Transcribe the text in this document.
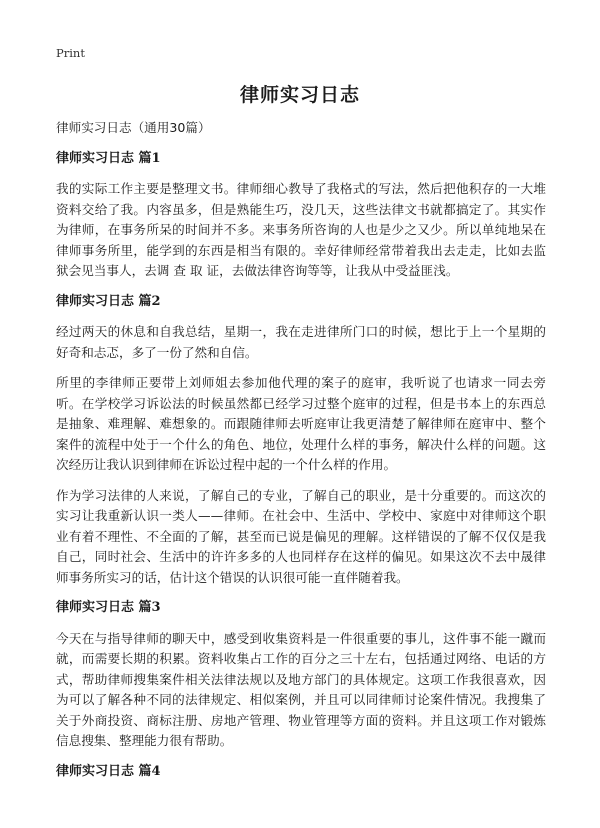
Print
律师实习日志

律师实习日志（通用30篇）

律师实习日志 篇1

我的实际工作主要是整理文书。律师细心教导了我格式的写法，然后把他积存的一大堆资料交给了我。内容虽多，但是熟能生巧，没几天，这些法律文书就都搞定了。其实作为律师，在事务所呆的时间并不多。来事务所咨询的人也是少之又少。所以单纯地呆在律师事务所里，能学到的东西是相当有限的。幸好律师经常带着我出去走走，比如去监狱会见当事人，去调 查 取 证，去做法律咨询等等，让我从中受益匪浅。

律师实习日志 篇2

经过两天的休息和自我总结，星期一，我在走进律所门口的时候，想比于上一个星期的好奇和忐忑，多了一份了然和自信。

所里的李律师正要带上刘师姐去参加他代理的案子的庭审，我听说了也请求一同去旁听。在学校学习诉讼法的时候虽然都已经学习过整个庭审的过程，但是书本上的东西总是抽象、难理解、难想象的。而跟随律师去听庭审让我更清楚了解律师在庭审中、整个案件的流程中处于一个什么的角色、地位，处理什么样的事务，解决什么样的问题。这次经历让我认识到律师在诉讼过程中起的一个什么样的作用。

作为学习法律的人来说，了解自己的专业，了解自己的职业，是十分重要的。而这次的实习让我重新认识一类人——律师。在社会中、生活中、学校中、家庭中对律师这个职业有着不理性、不全面的了解，甚至而已说是偏见的理解。这样错误的了解不仅仅是我自己，同时社会、生活中的许许多多的人也同样存在这样的偏见。如果这次不去中晟律师事务所实习的话，估计这个错误的认识很可能一直伴随着我。

律师实习日志 篇3

今天在与指导律师的聊天中，感受到收集资料是一件很重要的事儿，这件事不能一蹴而就，而需要长期的积累。资料收集占工作的百分之三十左右，包括通过网络、电话的方式，帮助律师搜集案件相关法律法规以及地方部门的具体规定。这项工作我很喜欢，因为可以了解各种不同的法律规定、相似案例，并且可以同律师讨论案件情况。我搜集了关于外商投资、商标注册、房地产管理、物业管理等方面的资料。并且这项工作对锻炼信息搜集、整理能力很有帮助。

律师实习日志 篇4
